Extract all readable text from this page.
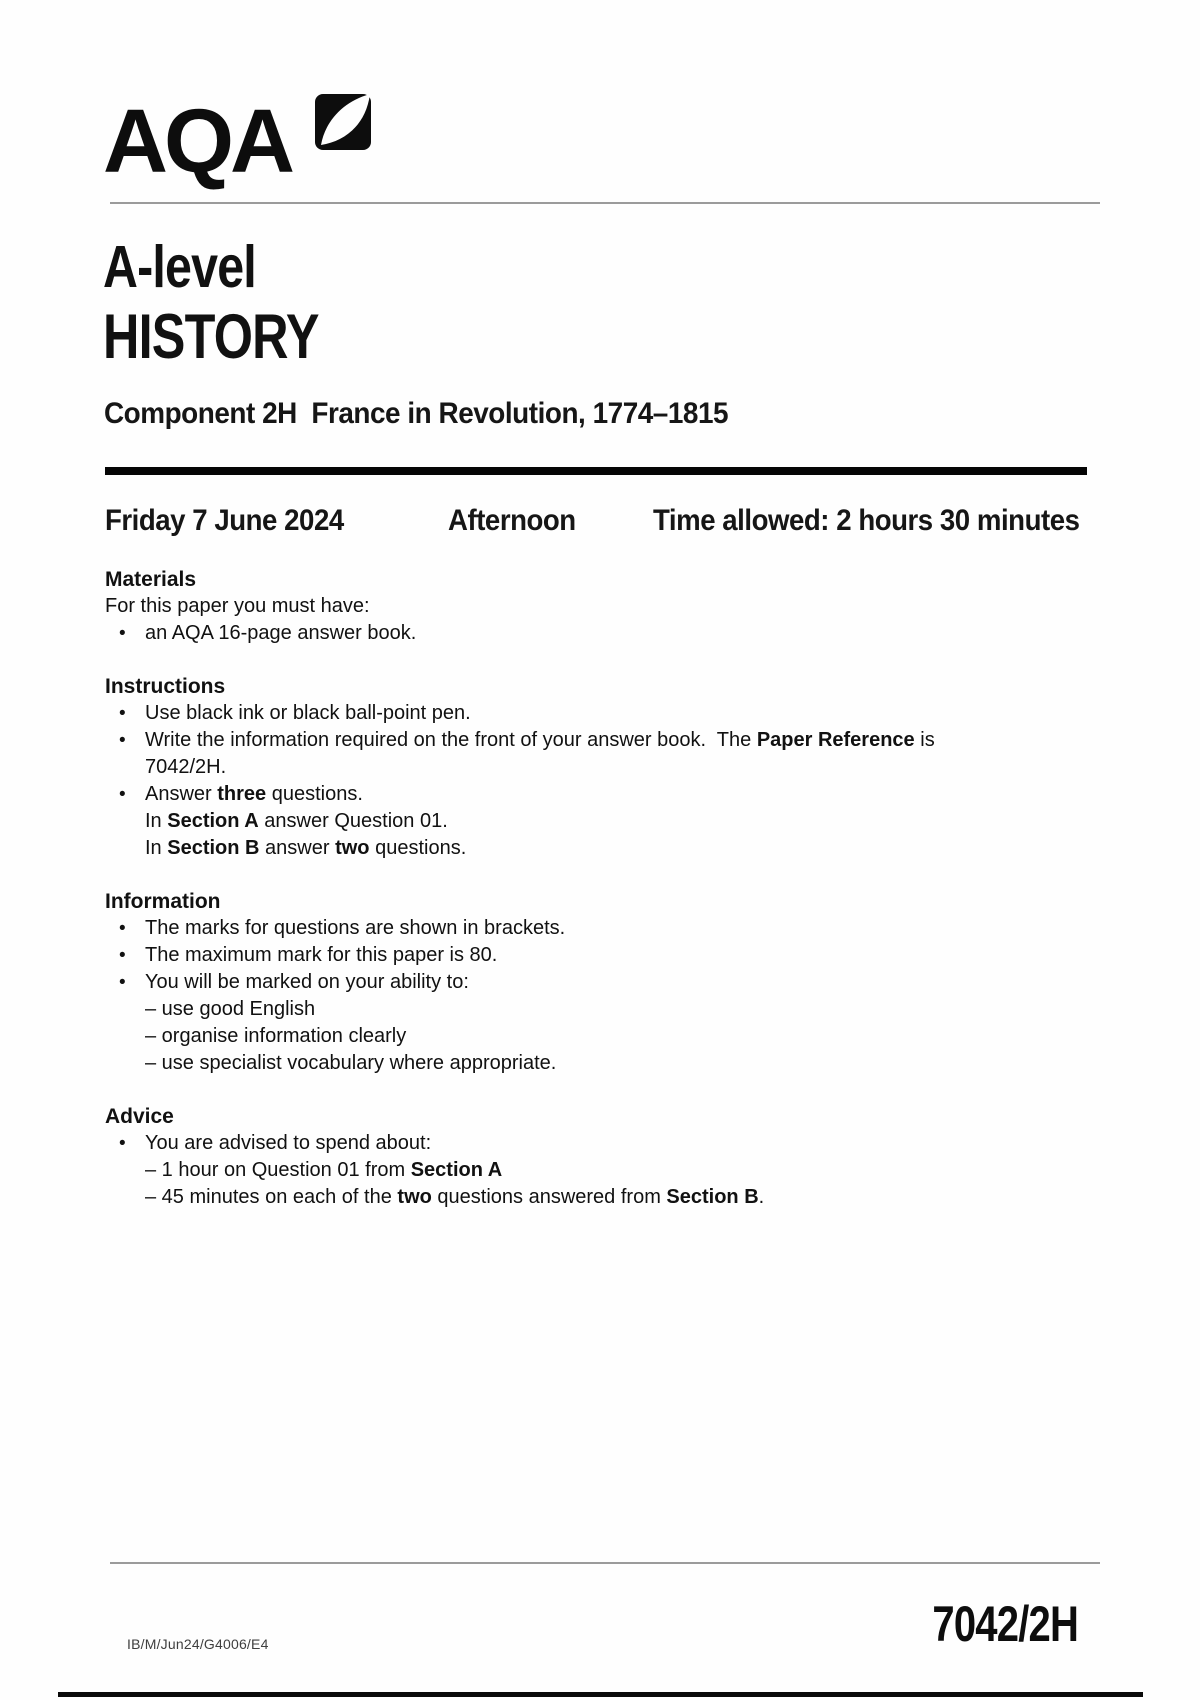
AQA
A-level
HISTORY
Component 2H  France in Revolution, 1774–1815
Friday 7 June 2024	Afternoon	Time allowed: 2 hours 30 minutes
Materials
For this paper you must have:
• an AQA 16-page answer book.
Instructions
• Use black ink or black ball-point pen.
• Write the information required on the front of your answer book.  The Paper Reference is
7042/2H.
• Answer three questions.
In Section A answer Question 01.
In Section B answer two questions.
Information
• The marks for questions are shown in brackets.
• The maximum mark for this paper is 80.
• You will be marked on your ability to:
– use good English
– organise information clearly
– use specialist vocabulary where appropriate.
Advice
• You are advised to spend about:
– 1 hour on Question 01 from Section A
– 45 minutes on each of the two questions answered from Section B.
IB/M/Jun24/G4006/E4	7042/2H
